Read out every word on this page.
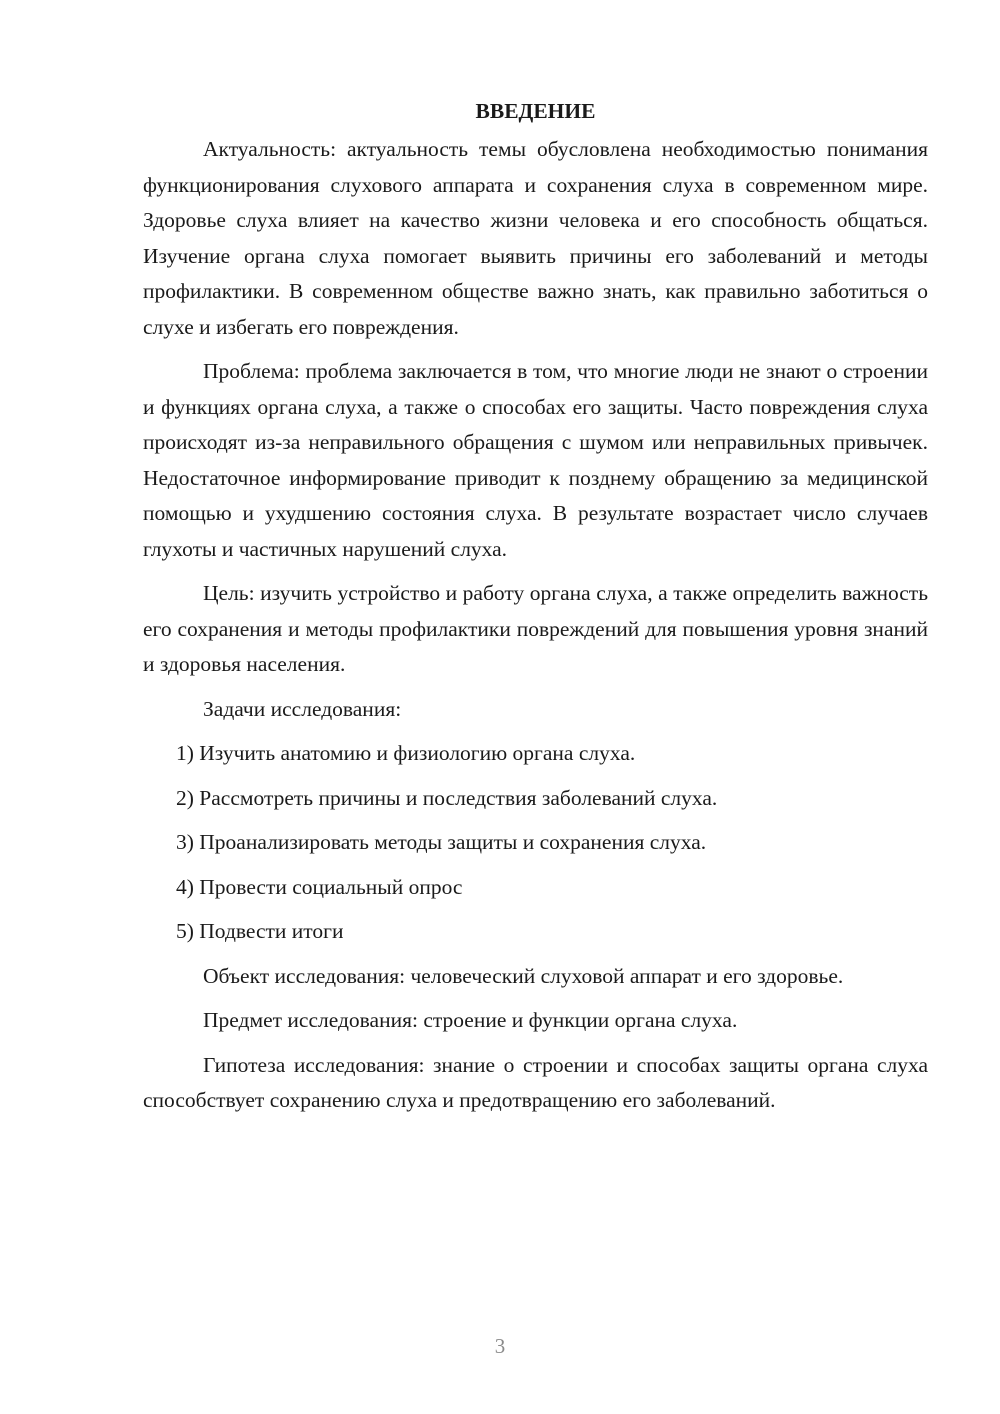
ВВЕДЕНИЕ

Актуальность: актуальность темы обусловлена необходимостью понимания функционирования слухового аппарата и сохранения слуха в современном мире. Здоровье слуха влияет на качество жизни человека и его способность общаться. Изучение органа слуха помогает выявить причины его заболеваний и методы профилактики. В современном обществе важно знать, как правильно заботиться о слухе и избегать его повреждения.

Проблема: проблема заключается в том, что многие люди не знают о строении и функциях органа слуха, а также о способах его защиты. Часто повреждения слуха происходят из-за неправильного обращения с шумом или неправильных привычек. Недостаточное информирование приводит к позднему обращению за медицинской помощью и ухудшению состояния слуха. В результате возрастает число случаев глухоты и частичных нарушений слуха.

Цель: изучить устройство и работу органа слуха, а также определить важность его сохранения и методы профилактики повреждений для повышения уровня знаний и здоровья населения.

Задачи исследования:

1) Изучить анатомию и физиологию органа слуха.

2) Рассмотреть причины и последствия заболеваний слуха.

3) Проанализировать методы защиты и сохранения слуха.

4) Провести социальный опрос

5) Подвести итоги

Объект исследования: человеческий слуховой аппарат и его здоровье.

Предмет исследования: строение и функции органа слуха.

Гипотеза исследования: знание о строении и способах защиты органа слуха способствует сохранению слуха и предотвращению его заболеваний.

3
